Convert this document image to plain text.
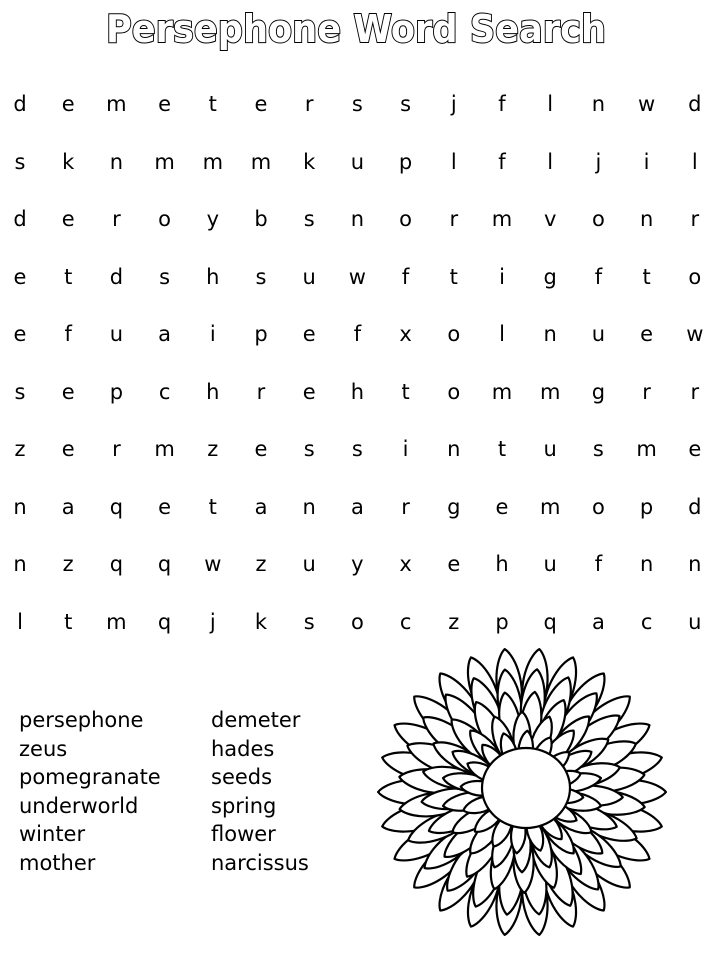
Persephone Word Search
d	e	m	e	t	e	r	s	s	j	f	l	n	w	d
s	k	n	m	m	m	k	u	p	l	f	l	j	i	l
d	e	r	o	y	b	s	n	o	r	m	v	o	n	r
e	t	d	s	h	s	u	w	f	t	i	g	f	t	o
e	f	u	a	i	p	e	f	x	o	l	n	u	e	w
s	e	p	c	h	r	e	h	t	o	m	m	g	r	r
z	e	r	m	z	e	s	s	i	n	t	u	s	m	e
n	a	q	e	t	a	n	a	r	g	e	m	o	p	d
n	z	q	q	w	z	u	y	x	e	h	u	f	n	n
l	t	m	q	j	k	s	o	c	z	p	q	a	c	u
persephone
zeus
pomegranate
underworld
winter
mother
demeter
hades
seeds
spring
flower
narcissus
